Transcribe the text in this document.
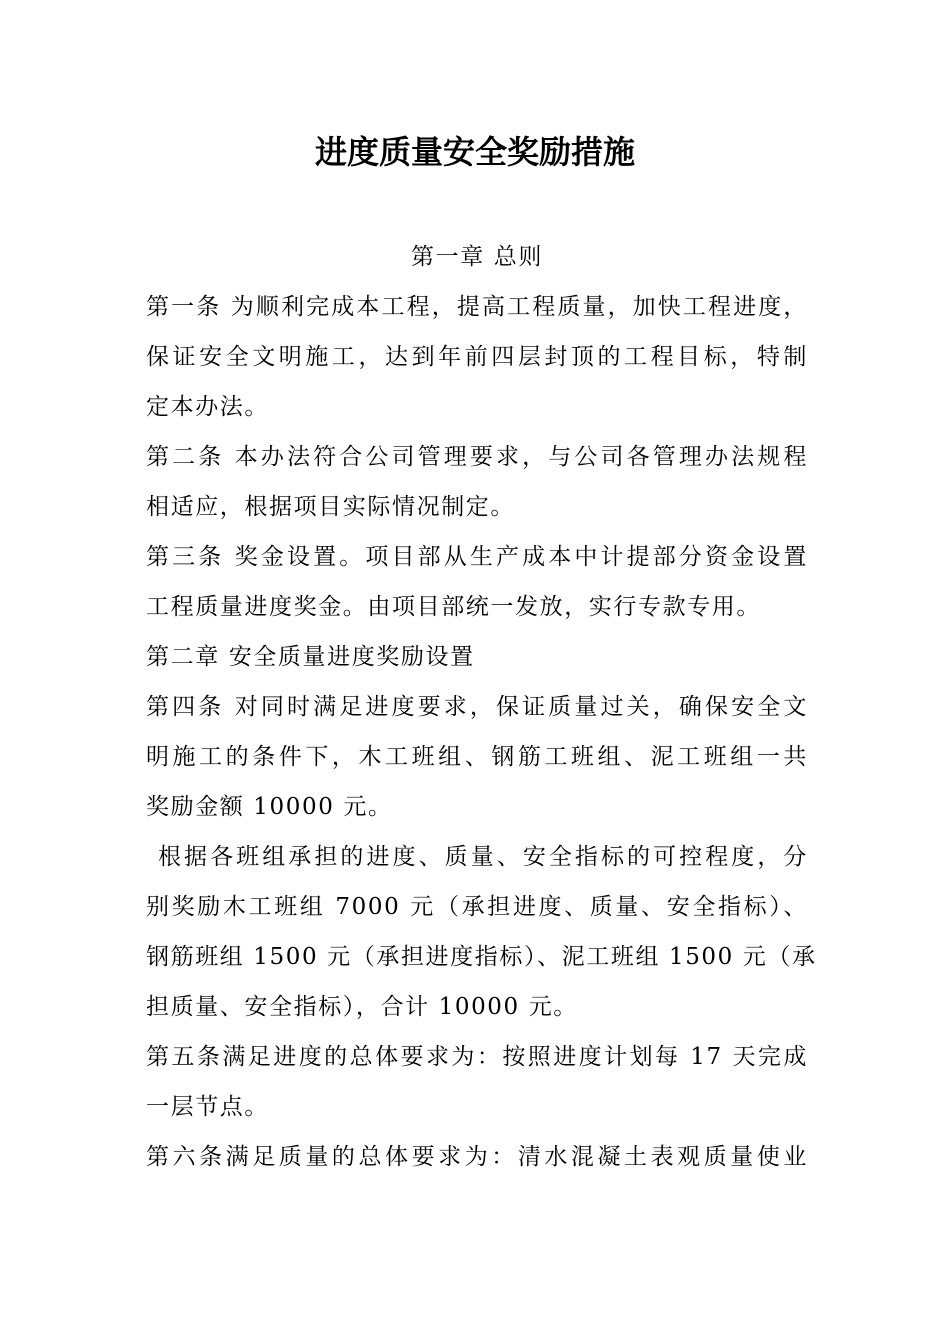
进度质量安全奖励措施
第一章 总则
第一条 为顺利完成本工程，提高工程质量，加快工程进度，
保证安全文明施工，达到年前四层封顶的工程目标，特制
定本办法。
第二条 本办法符合公司管理要求，与公司各管理办法规程
相适应，根据项目实际情况制定。
第三条 奖金设置。项目部从生产成本中计提部分资金设置
工程质量进度奖金。由项目部统一发放，实行专款专用。
第二章 安全质量进度奖励设置
第四条 对同时满足进度要求，保证质量过关，确保安全文
明施工的条件下，木工班组、钢筋工班组、泥工班组一共
奖励金额 10000 元。
根据各班组承担的进度、质量、安全指标的可控程度，分
别奖励木工班组 7000 元（承担进度、质量、安全指标）、
钢筋班组 1500 元（承担进度指标）、泥工班组 1500 元（承
担质量、安全指标），合计 10000 元。
第五条满足进度的总体要求为：按照进度计划每 17 天完成
一层节点。
第六条满足质量的总体要求为：清水混凝土表观质量使业
